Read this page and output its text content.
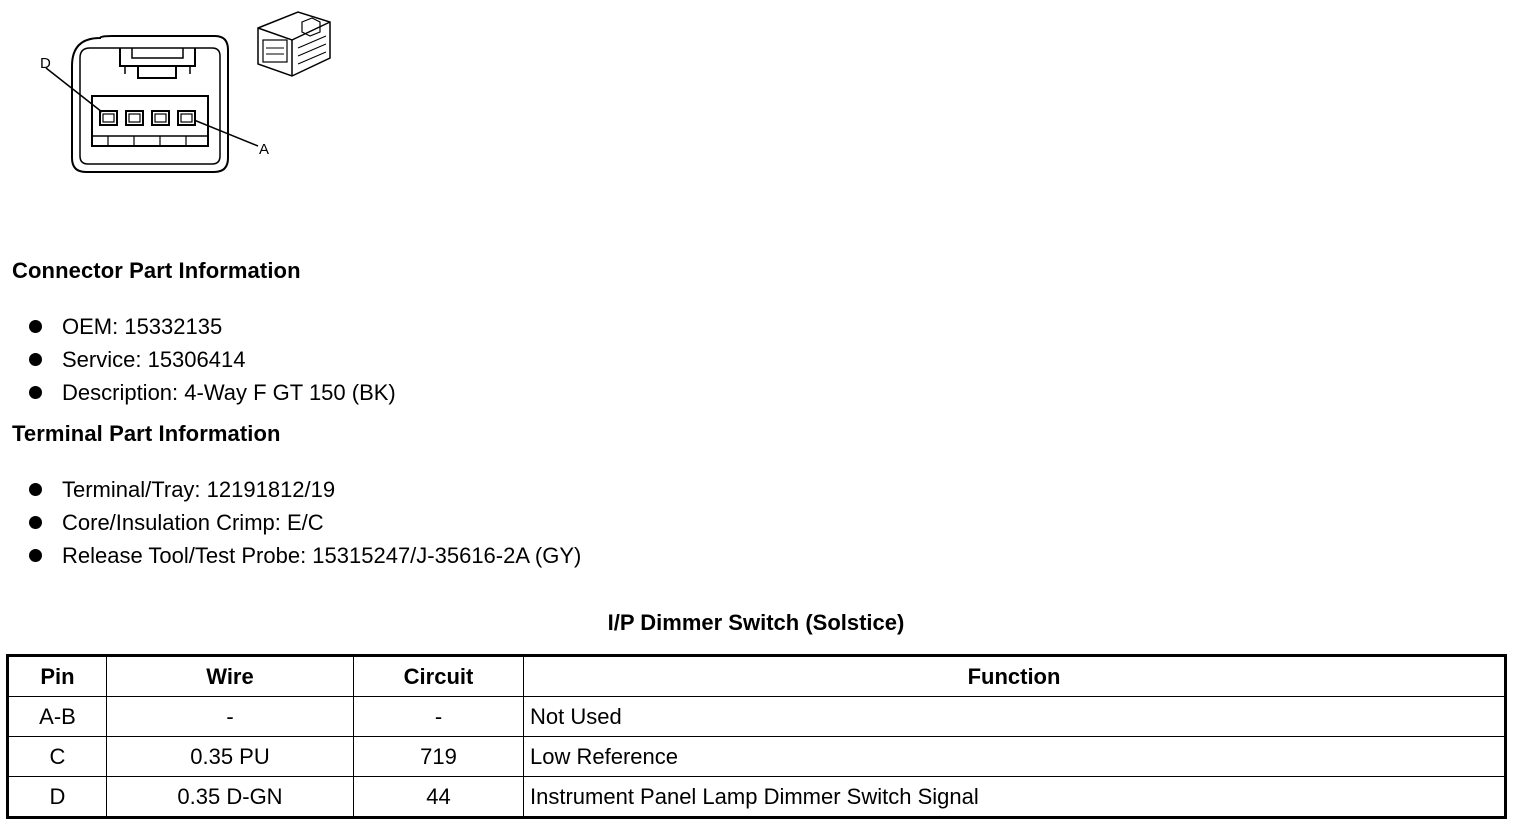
D
A
Connector Part Information
OEM: 15332135
Service: 15306414
Description: 4-Way F GT 150 (BK)
Terminal Part Information
Terminal/Tray: 12191812/19
Core/Insulation Crimp: E/C
Release Tool/Test Probe: 15315247/J-35616-2A (GY)
I/P Dimmer Switch (Solstice)
Pin	Wire	Circuit	Function
A-B	-	-	Not Used
C	0.35 PU	719	Low Reference
D	0.35 D-GN	44	Instrument Panel Lamp Dimmer Switch Signal
